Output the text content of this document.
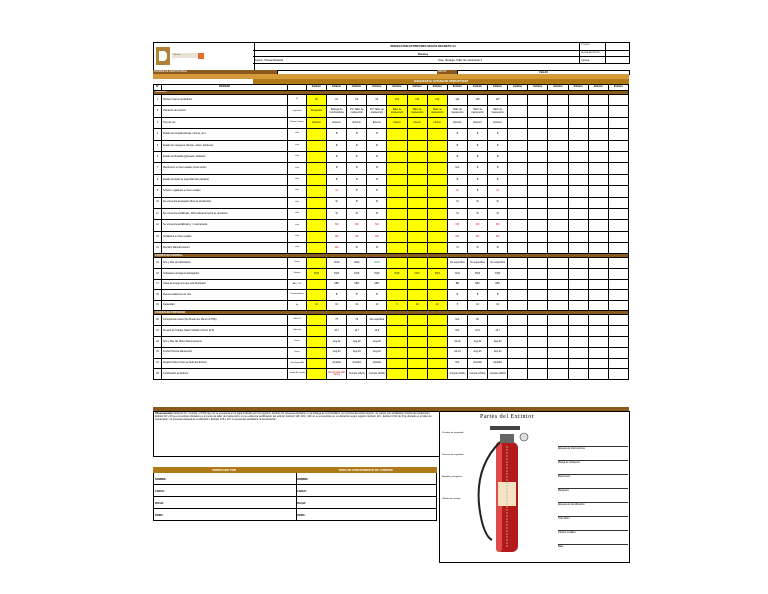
Puratos
INSPECCIÓN EXTINTORES SEGÚN DECRETO 44
Puratos
Faena : Planta Mostazal	Área : Bodega- Taller de mantención 2
CÓDIGO
FECHA REVISIÓN
PÁGINA
NOMBRE DE RESPONSABLE	FECHA:	Feb-23
CHEQUEAR EL ESTADO DE OPERATIVIDAD
N°	REVISAR		Extintor	Extintor	Extintor	Extintor	Extintor	Extintor	Extintor	Extintor	Extintor	Extintor	Extintor	Extintor	Extintor	Extintor	Extintor	Extintor
GENERAL																		
1	Número Interno del Extintor	N°	00	01	02	03	118	119	120	121	125	127						
2	Ubicación del extintor	Lugar físico	Recepción	Bodega de Combustibles	P.V. Taller de mantención	P.V. Taller de mantención	Taller de mantención	Taller de mantención	Taller de mantención	Taller de mantención	Taller de mantención	Taller de mantención						
3	Tipo de uso	Exterior / Interior	Exterior	Exterior	Exterior	Exterior	Interior	Interior	Interior	Exterior	Exterior	Exterior						
4	Estado de boquilla (fisuras, roturas, etc.)	si/no		B	B	B				B	B	B						
5	Estado de manguera (fisuras, cortes, dobleces)	si/no		B	B	B				B	B	B						
6	Estado de Boquilla (golpeado, abollado)	si/no		B	B	B				B	B	B						
7	Manómetro en buen estado (zona verde)	si/no		B	B	B				N/A	B	B						
8	Estado del sello de seguridad (sin pasador)	si/no		B	B	B				B	B	B						
9	Soporte o gabinete en buen estado	si/no		M	B	B				M	B	M						
10	Se encuentra despejado (libre de obstáculos)	si/no		SI	B	B				SI	SI	SI						
11	Se encuentra señalizado, SOS indicando fecha de operación	si/no		SI	SI	SI				SI	SI	SI						
12	Se encuentra señalizado y / o demarcado	si/no		NO	NO	NO				NO	NO	NO						
13	Señalética en buen estado	si/no		NO	NO	NO				NO	NO	NO						
14	Revisión Manual Anterior	si/no		NO	SI	SI				SI	SI	SI						
ETIQUETADO FRONTAL																		
15	Año y Mes de Fabricación	Fecha		2019	2020	2018				No especifica	No especifica	No especifica						
16	Indicadoes del Agente Extinguidor	Fórmula	PQS	PQS	PQS	PQS	PQS	CO2	PQS	CO2	PQS	PQS						
17	Clase de Fuego a la que está Destinado	ABC, CO2		ABC	ABC	ABC				BB	ABC	ABC						
18	Recomendaciones de Uso	Recomendación		B	B	B				B	B	B						
19	Capacidad	Kg	10	10	10	10	6	10	10	5	10	10						
ETIQUETADO POSTERIOR																		
20	Componente Activo (No Puede Ser Menor al 75%)	Indicar %		75	75	No especifica				N/A	90							
21	Presión de Trabajo (Valor indicado mínimo 12.5)	Indicar kg		12,7	12,7	10,8				N/A	12,5	13,7						
22	Año y Mes del Último Mantenimiento	Fecha		Aug-22	Aug-22	Aug-22				Jul-22	Aug-22	Sep-22						
23	Fecha Próxima Mantención	Fecha		Aug-23	Aug-23	Aug-23				Jul-23	Aug-23	Sep-23						
24	Registro Disco Color de Sello del Extintor	Color Según Año		Amarillo	Amarillo	Amarillo				N/A	Amarillo	Amarillo						
25	Certificación de Extintor	Cumple No Cumple		No Cumple (No tiene)	Cumple (2021)	Cumple (2019)				Cumple (2021)	Cumple (2019)	Cumple (2019)						
Observaciones: Extintor 00 - Cumple, el PQS que no se encuentra en el lugar indicado por los registros. Extintor 01 presenta ubicación en la bodega de combustibles, se recomienda retirar soporte, no cuenta con señalética ni fecha de mantención. Extintor 02 y 03 se encuentran ubicados en el punto de taller de mantención, no se evidencia certificación del extintor. Extintor 118, 119 y 120 no se encuentran en su ubicación según registro. Extintor 121 - Extintor CO2 de 5 kg ubicado en el taller de mantención, no presenta etiqueta de certificación. Extintor 125 y 127 no presentan señalética ni demarcación.	Partes del Extintor
Etiqueta de Instrucciones
Manija de transporte
Manómetro
Manguera
Etiqueta de identificación
Tubo Sifón
Cilindro metálico
Base
Pasador de seguridad
Precinto de seguridad
Boquilla y manguera
Cilindro de recarga
VERIFICADO POR	TOMA DE CONOCIMIENTO DE CONTROL
NOMBRE:	NOMBRE:
CARGO:	CARGO:
FECHA:	FECHA:
FIRMA:	FIRMA:
